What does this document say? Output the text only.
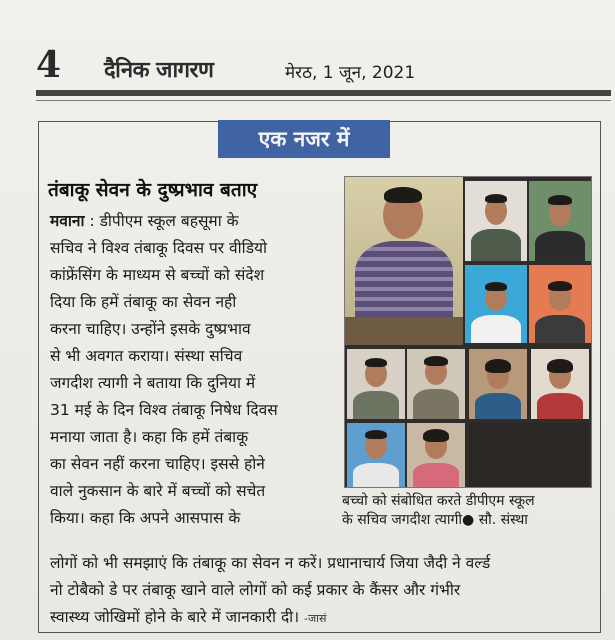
4 दैनिक जागरण	मेरठ, 1 जून, 2021
एक नजर में
तंबाकू सेवन के दुष्प्रभाव बताए
मवाना : डीपीएम स्कूल बहसूमा के
सचिव ने विश्व तंबाकू दिवस पर वीडियो
कांफ्रेंसिंग के माध्यम से बच्चों को संदेश
दिया कि हमें तंबाकू का सेवन नही
करना चाहिए। उन्होंने इसके दुष्प्रभाव
से भी अवगत कराया। संस्था सचिव
जगदीश त्यागी ने बताया कि दुनिया में
31 मई के दिन विश्व तंबाकू निषेध दिवस
मनाया जाता है। कहा कि हमें तंबाकू
का सेवन नहीं करना चाहिए। इससे होने
वाले नुकसान के बारे में बच्चों को सचेत
किया। कहा कि अपने आसपास के
बच्चो को संबोधित करते डीपीएम स्कूल
के सचिव जगदीश त्यागी● सौ. संस्था
लोगों को भी समझाएं कि तंबाकू का सेवन न करें। प्रधानाचार्य जिया जैदी ने वर्ल्ड
नो टोबैको डे पर तंबाकू खाने वाले लोगों को कई प्रकार के कैंसर और गंभीर
स्वास्थ्य जोखिमों होने के बारे में जानकारी दी। -जासं
